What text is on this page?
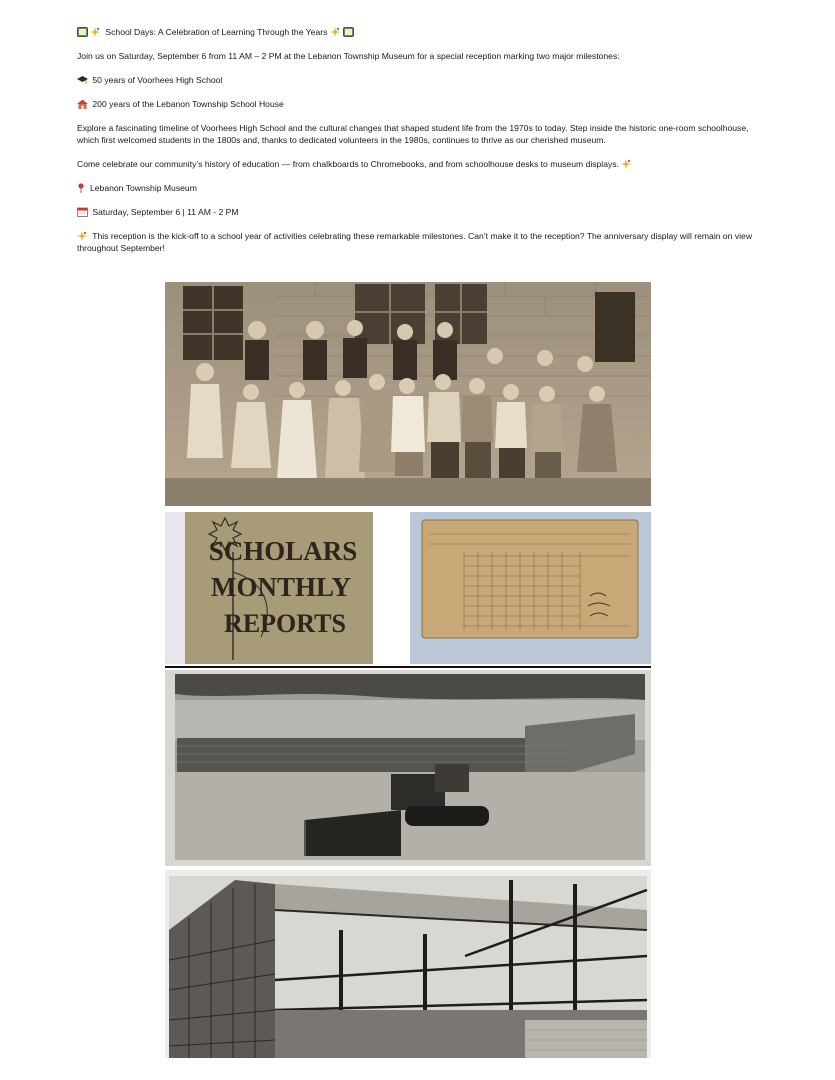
School Days: A Celebration of Learning Through the Years

Join us on Saturday, September 6 from 11 AM – 2 PM at the Lebanon Township Museum for a special reception marking two major milestones:

50 years of Voorhees High School

200 years of the Lebanon Township School House

Explore a fascinating timeline of Voorhees High School and the cultural changes that shaped student life from the 1970s to today. Step inside the historic one-room schoolhouse, which first welcomed students in the 1800s and, thanks to dedicated volunteers in the 1980s, continues to thrive as our cherished museum.

Come celebrate our community’s history of education — from chalkboards to Chromebooks, and from schoolhouse desks to museum displays.

Lebanon Township Museum

Saturday, September 6 | 11 AM - 2 PM

This reception is the kick-off to a school year of activities celebrating these remarkable milestones. Can’t make it to the reception? The anniversary display will remain on view throughout September!

SCHOLARS
MONTHLY
REPORTS
